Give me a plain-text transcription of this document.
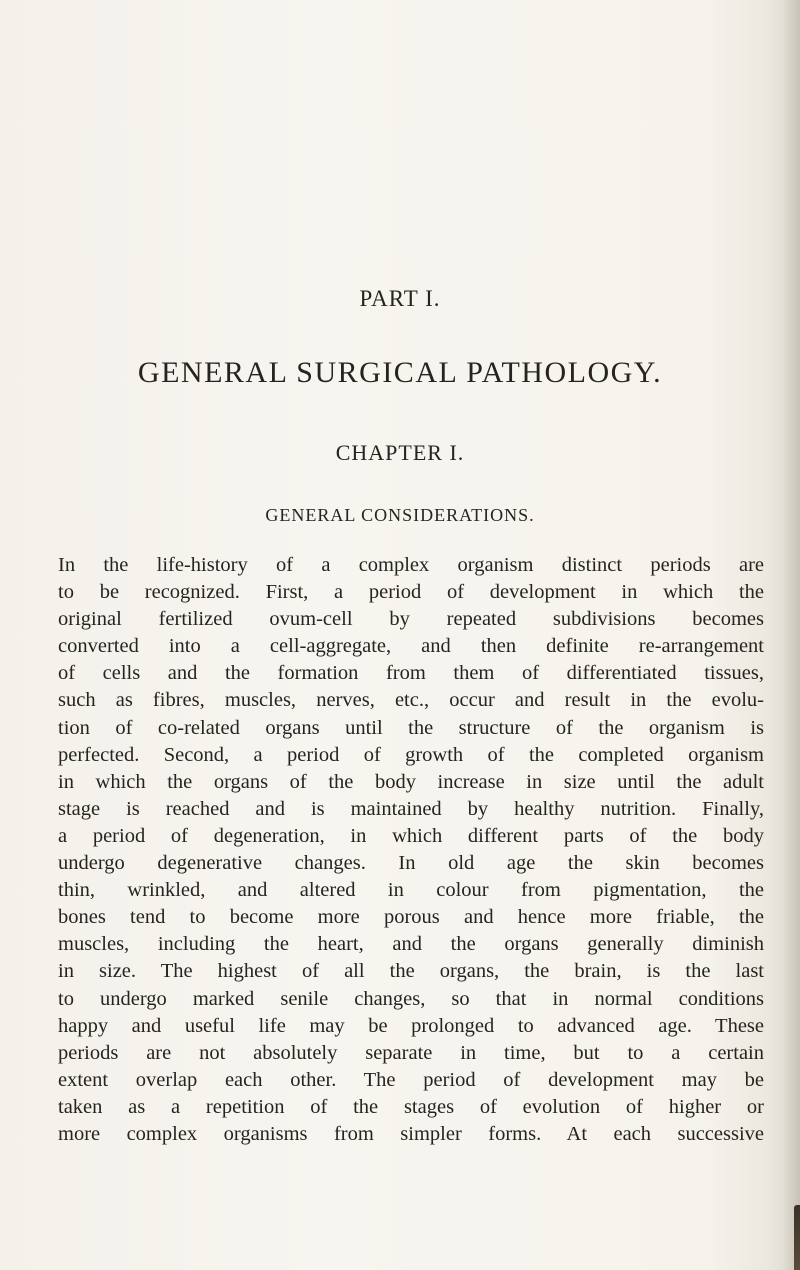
PART I.
GENERAL SURGICAL PATHOLOGY.
CHAPTER I.
GENERAL CONSIDERATIONS.
In the life-history of a complex organism distinct periods are
to be recognized. First, a period of development in which the
original fertilized ovum-cell by repeated subdivisions becomes
converted into a cell-aggregate, and then definite re-arrangement
of cells and the formation from them of differentiated tissues,
such as fibres, muscles, nerves, etc., occur and result in the evolu-
tion of co-related organs until the structure of the organism is
perfected. Second, a period of growth of the completed organism
in which the organs of the body increase in size until the adult
stage is reached and is maintained by healthy nutrition. Finally,
a period of degeneration, in which different parts of the body
undergo degenerative changes. In old age the skin becomes
thin, wrinkled, and altered in colour from pigmentation, the
bones tend to become more porous and hence more friable, the
muscles, including the heart, and the organs generally diminish
in size. The highest of all the organs, the brain, is the last
to undergo marked senile changes, so that in normal conditions
happy and useful life may be prolonged to advanced age. These
periods are not absolutely separate in time, but to a certain
extent overlap each other. The period of development may be
taken as a repetition of the stages of evolution of higher or
more complex organisms from simpler forms. At each successive
